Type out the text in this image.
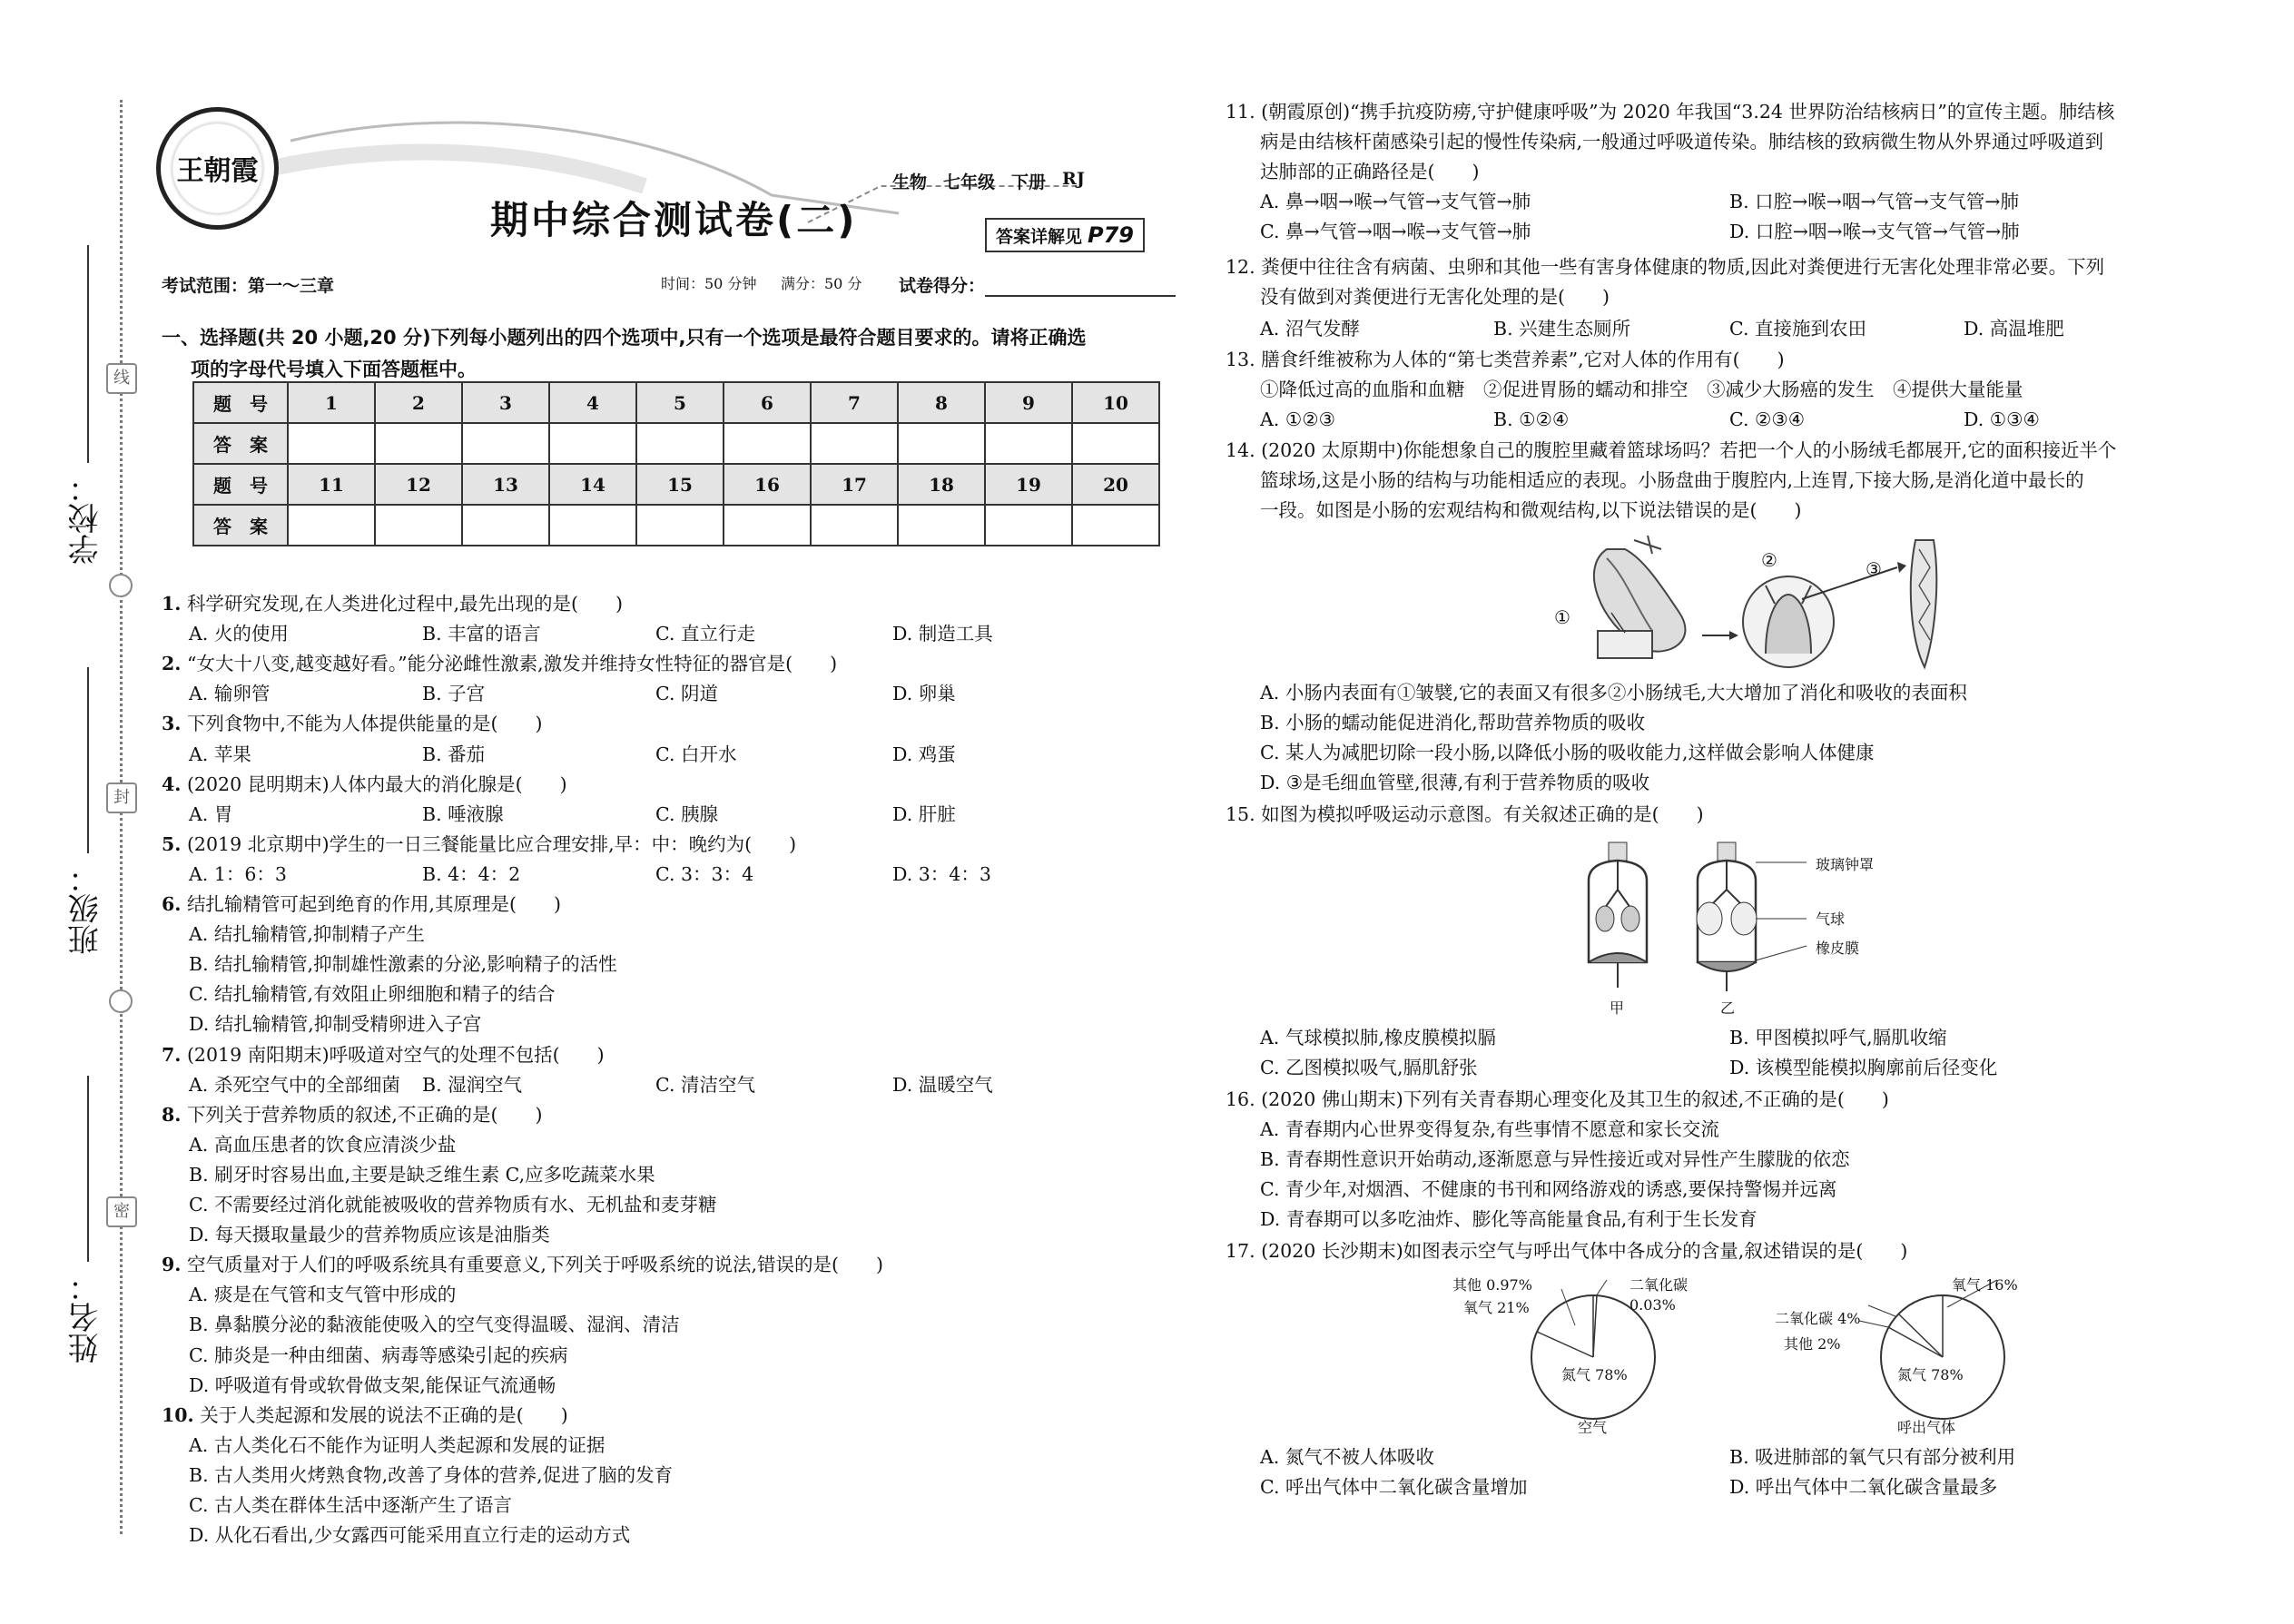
学校：
班级：
姓名：
线
封
密
王朝霞	生物 七年级 下册 RJ
期中综合测试卷(二)	答案详解见 P79
考试范围：第一～三章	时间：50 分钟 满分：50 分 试卷得分：
一、选择题(共 20 小题,20 分)下列每小题列出的四个选项中,只有一个选项是最符合题目要求的。请将正确选
项的字母代号填入下面答题框中。
题　号	1	2	3	4	5	6	7	8	9	10
答　案										
题　号	11	12	13	14	15	16	17	18	19	20
答　案										
1. 科学研究发现,在人类进化过程中,最先出现的是(　　)
A. 火的使用	B. 丰富的语言	C. 直立行走	D. 制造工具
2. “女大十八变,越变越好看。”能分泌雌性激素,激发并维持女性特征的器官是(　　)
A. 输卵管	B. 子宫	C. 阴道	D. 卵巢
3. 下列食物中,不能为人体提供能量的是(　　)
A. 苹果	B. 番茄	C. 白开水	D. 鸡蛋
4. (2020 昆明期末)人体内最大的消化腺是(　　)
A. 胃	B. 唾液腺	C. 胰腺	D. 肝脏
5. (2019 北京期中)学生的一日三餐能量比应合理安排,早：中：晚约为(　　)
A. 1：6：3	B. 4：4：2	C. 3：3：4	D. 3：4：3
6. 结扎输精管可起到绝育的作用,其原理是(　　)
A. 结扎输精管,抑制精子产生
B. 结扎输精管,抑制雄性激素的分泌,影响精子的活性
C. 结扎输精管,有效阻止卵细胞和精子的结合
D. 结扎输精管,抑制受精卵进入子宫
7. (2019 南阳期末)呼吸道对空气的处理不包括(　　)
A. 杀死空气中的全部细菌 B. 湿润空气	C. 清洁空气	D. 温暖空气
8. 下列关于营养物质的叙述,不正确的是(　　)
A. 高血压患者的饮食应清淡少盐
B. 刷牙时容易出血,主要是缺乏维生素 C,应多吃蔬菜水果
C. 不需要经过消化就能被吸收的营养物质有水、无机盐和麦芽糖
D. 每天摄取量最少的营养物质应该是油脂类
9. 空气质量对于人们的呼吸系统具有重要意义,下列关于呼吸系统的说法,错误的是(　　)
A. 痰是在气管和支气管中形成的
B. 鼻黏膜分泌的黏液能使吸入的空气变得温暖、湿润、清洁
C. 肺炎是一种由细菌、病毒等感染引起的疾病
D. 呼吸道有骨或软骨做支架,能保证气流通畅
10. 关于人类起源和发展的说法不正确的是(　　)
A. 古人类化石不能作为证明人类起源和发展的证据
B. 古人类用火烤熟食物,改善了身体的营养,促进了脑的发育
C. 古人类在群体生活中逐渐产生了语言
D. 从化石看出,少女露西可能采用直立行走的运动方式
11. (朝霞原创)“携手抗疫防痨,守护健康呼吸”为 2020 年我国“3.24 世界防治结核病日”的宣传主题。肺结核
病是由结核杆菌感染引起的慢性传染病,一般通过呼吸道传染。肺结核的致病微生物从外界通过呼吸道到
达肺部的正确路径是(　　)
A. 鼻→咽→喉→气管→支气管→肺	B. 口腔→喉→咽→气管→支气管→肺
C. 鼻→气管→咽→喉→支气管→肺	D. 口腔→咽→喉→支气管→气管→肺
12. 粪便中往往含有病菌、虫卵和其他一些有害身体健康的物质,因此对粪便进行无害化处理非常必要。下列
没有做到对粪便进行无害化处理的是(　　)
A. 沼气发酵	B. 兴建生态厕所	C. 直接施到农田	D. 高温堆肥
13. 膳食纤维被称为人体的“第七类营养素”,它对人体的作用有(　　)
①降低过高的血脂和血糖　②促进胃肠的蠕动和排空　③减少大肠癌的发生　④提供大量能量
A. ①②③	B. ①②④	C. ②③④	D. ①③④
14. (2020 太原期中)你能想象自己的腹腔里藏着篮球场吗？若把一个人的小肠绒毛都展开,它的面积接近半个
篮球场,这是小肠的结构与功能相适应的表现。小肠盘曲于腹腔内,上连胃,下接大肠,是消化道中最长的
一段。如图是小肠的宏观结构和微观结构,以下说法错误的是(　　)
①
②	③
A. 小肠内表面有①皱襞,它的表面又有很多②小肠绒毛,大大增加了消化和吸收的表面积
B. 小肠的蠕动能促进消化,帮助营养物质的吸收
C. 某人为减肥切除一段小肠,以降低小肠的吸收能力,这样做会影响人体健康
D. ③是毛细血管壁,很薄,有利于营养物质的吸收
15. 如图为模拟呼吸运动示意图。有关叙述正确的是(　　)
玻璃钟罩
气球
橡皮膜
甲	乙
A. 气球模拟肺,橡皮膜模拟膈	B. 甲图模拟呼气,膈肌收缩
C. 乙图模拟吸气,膈肌舒张	D. 该模型能模拟胸廓前后径变化
16. (2020 佛山期末)下列有关青春期心理变化及其卫生的叙述,不正确的是(　　)
A. 青春期内心世界变得复杂,有些事情不愿意和家长交流
B. 青春期性意识开始萌动,逐渐愿意与异性接近或对异性产生朦胧的依恋
C. 青少年,对烟酒、不健康的书刊和网络游戏的诱惑,要保持警惕并远离
D. 青春期可以多吃油炸、膨化等高能量食品,有利于生长发育
17. (2020 长沙期末)如图表示空气与呼出气体中各成分的含量,叙述错误的是(　　)
其他 0.97%
氧气 21%
二氧化碳
0.03%
氮气 78%
空气
二氧化碳 4%
其他 2%
氧气 16%
氮气 78%
呼出气体
A. 氮气不被人体吸收	B. 吸进肺部的氧气只有部分被利用
C. 呼出气体中二氧化碳含量增加	D. 呼出气体中二氧化碳含量最多
